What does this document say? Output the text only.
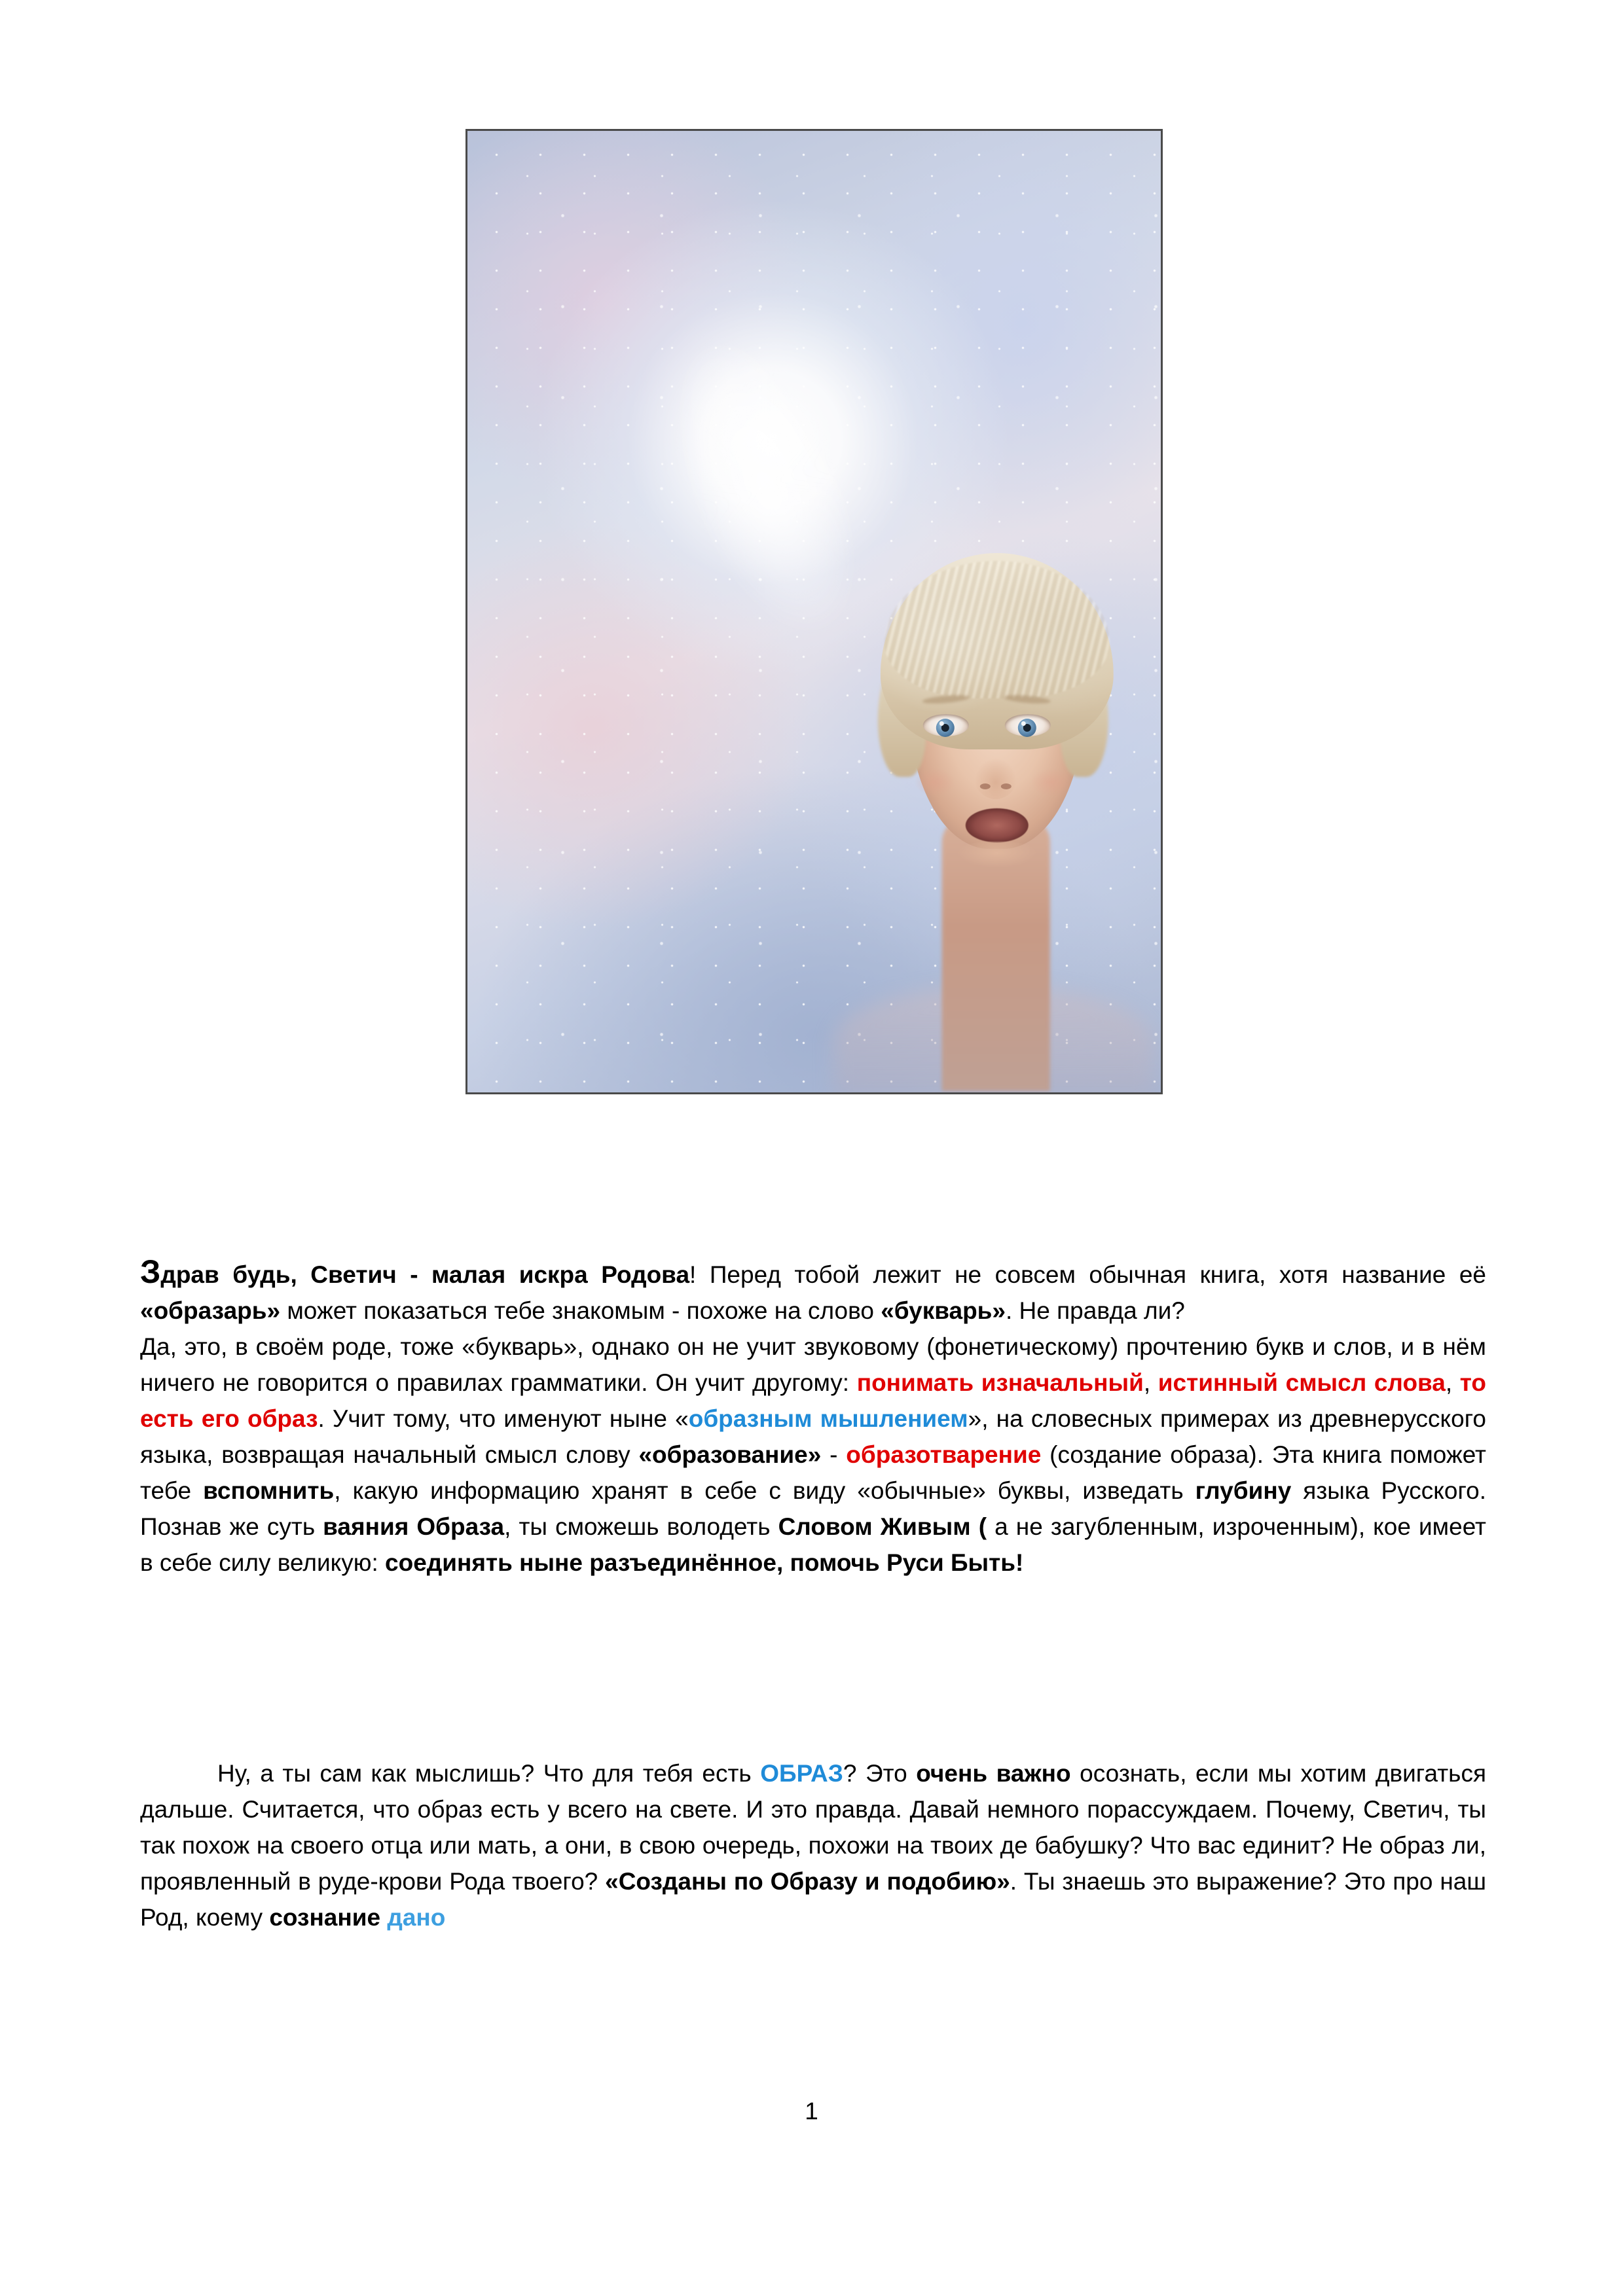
Здрав будь, Светич - малая искра Родова! Перед тобой лежит не совсем обычная книга, хотя название её «образарь» может показаться тебе знакомым - похоже на слово «букварь». Не правда ли?
Да, это, в своём роде, тоже «букварь», однако он не учит звуковому (фонетическому) прочтению букв и слов, и в нём ничего не говорится о правилах грамматики. Он учит другому: понимать изначальный, истинный смысл слова, то есть его образ. Учит тому, что именуют ныне «образным мышлением», на словесных примерах из древнерусского языка, возвращая начальный смысл слову «образование» - образотварение (создание образа). Эта книга поможет тебе вспомнить, какую информацию хранят в себе с виду «обычные» буквы, изведать глубину языка Русского. Познав же суть ваяния Образа, ты сможешь володеть Словом Живым ( а не загубленным, изроченным), кое имеет в себе силу великую: соединять ныне разъединённое, помочь Руси Быть!
Ну, а ты сам как мыслишь? Что для тебя есть ОБРАЗ? Это очень важно осознать, если мы хотим двигаться дальше. Считается, что образ есть у всего на свете. И это правда. Давай немного порассуждаем. Почему, Светич, ты так похож на своего отца или мать, а они, в свою очередь, похожи на твоих де бабушку? Что вас единит? Не образ ли, проявленный в руде-крови Рода твоего? «Созданы по Образу и подобию». Ты знаешь это выражение? Это про наш Род, коему сознание дано
1
